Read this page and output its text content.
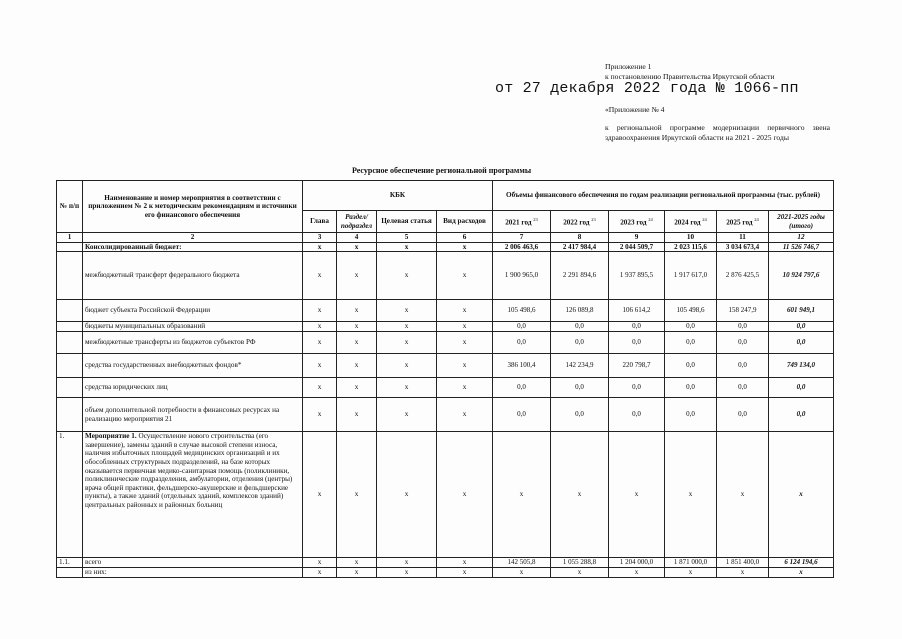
Приложение 1
к постановлению Правительства Иркутской области
от 27 декабря 2022 года № 1066-пп
«Приложение № 4
к региональной программе модернизации первичного звена здравоохранения Иркутской области на 2021 - 2025 годы
Ресурсное обеспечение региональной программы
№ п/п	Наименование и номер мероприятия в соответствии с приложением № 2 к методическим рекомендациям и источники его финансового обеспечения	КБК				Объемы финансового обеспечения по годам реализации региональной программы (тыс. рублей)					
		Глава	Раздел/ подраздел	Целевая статья	Вид расходов	2021 год $^{23}$	2022 год $^{23}$	2023 год $^{24}$	2024 год $^{24}$	2025 год $^{24}$	2021-2025 годы (итого)
1	2	3	4	5	6	7	8	9	10	11	12
	Консолидированный бюджет:	х	х	х	х	2 006 463,6	2 417 984,4	2 044 509,7	2 023 115,6	3 034 673,4	11 526 746,7
	межбюджетный трансферт федерального бюджета	х	х	х	х	1 900 965,0	2 291 894,6	1 937 895,5	1 917 617,0	2 876 425,5	10 924 797,6
	бюджет субъекта Российской Федерации	х	х	х	х	105 498,6	126 089,8	106 614,2	105 498,6	158 247,9	601 949,1
	бюджеты муниципальных образований	х	х	х	х	0,0	0,0	0,0	0,0	0,0	0,0
	межбюджетные трансферты из бюджетов субъектов РФ	х	х	х	х	0,0	0,0	0,0	0,0	0,0	0,0
	средства государственных внебюджетных фондов*	х	х	х	х	386 100,4	142 234,9	220 798,7	0,0	0,0	749 134,0
	средства юридических лиц	х	х	х	х	0,0	0,0	0,0	0,0	0,0	0,0
	объем дополнительной потребности в финансовых ресурсах на реализацию мероприятия 21	х	х	х	х	0,0	0,0	0,0	0,0	0,0	0,0
1.	Мероприятие 1. Осуществление нового строительства (его завершение), замены зданий в случае высокой степени износа, наличия избыточных площадей медицинских организаций и их обособленных структурных подразделений, на базе которых оказывается первичная медико-санитарная помощь (поликлиники, поликлинические подразделения, амбулатории, отделения (центры) врача общей практики, фельдшерско-акушерские и фельдшерские пункты), а также зданий (отдельных зданий, комплексов зданий) центральных районных и районных больниц	х	х	х	х	х	х	х	х	х	х
1.1.	всего	х	х	х	х	142 505,8	1 055 288,8	1 204 000,0	1 871 000,0	1 851 400,0	6 124 194,6
	из них:	х	х	х	х	х	х	х	х	х	х
